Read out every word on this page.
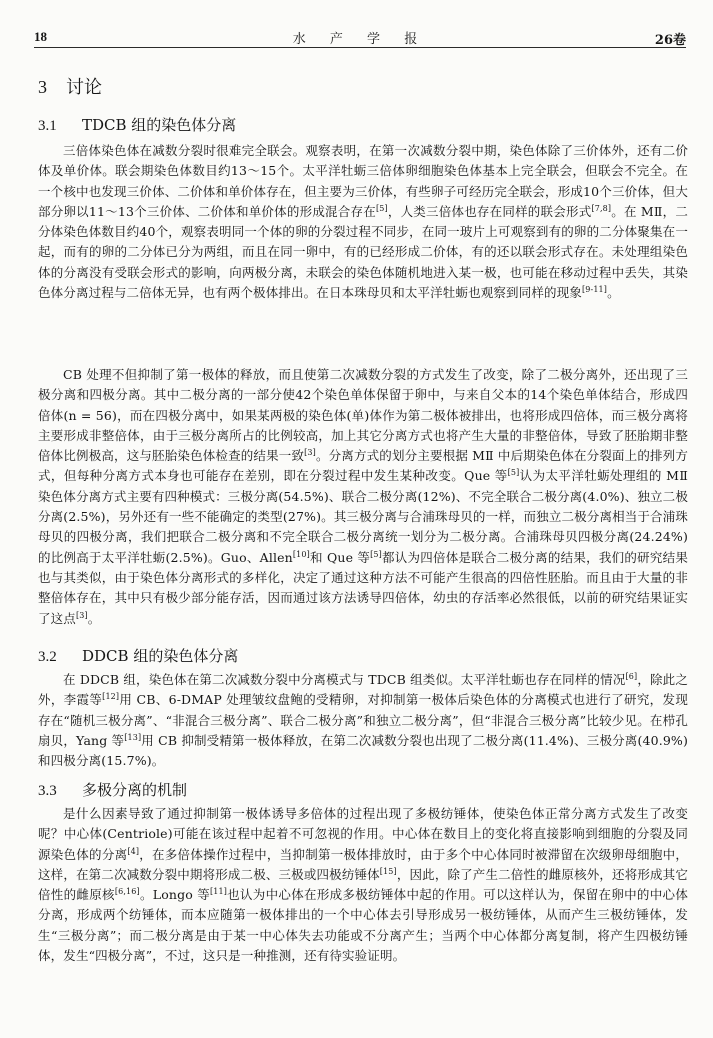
18	水 产 学 报	26卷
3 讨论
3.1 TDCB 组的染色体分离

三倍体染色体在减数分裂时很难完全联会。观察表明，在第一次减数分裂中期，染色体除了三价体外，还有二价体及单价体。联会期染色体数目约13～15个。太平洋牡蛎三倍体卵细胞染色体基本上完全联会，但联会不完全。在一个核中也发现三价体、二价体和单价体存在，但主要为三价体，有些卵子可经历完全联会，形成10个三价体，但大部分卵以11～13个三价体、二价体和单价体的形成混合存在[5]，人类三倍体也存在同样的联会形式[7,8]。在 MⅡ，二分体染色体数目约40个，观察表明同一个体的卵的分裂过程不同步，在同一玻片上可观察到有的卵的二分体聚集在一起，而有的卵的二分体已分为两组，而且在同一卵中，有的已经形成二价体，有的还以联会形式存在。未处理组染色体的分离没有受联会形式的影响，向两极分离，未联会的染色体随机地进入某一极，也可能在移动过程中丢失，其染色体分离过程与二倍体无异，也有两个极体排出。在日本珠母贝和太平洋牡蛎也观察到同样的现象[9-11]。

CB 处理不但抑制了第一极体的释放，而且使第二次减数分裂的方式发生了改变，除了二极分离外，还出现了三极分离和四极分离。其中二极分离的一部分使42个染色单体保留于卵中，与来自父本的14个染色单体结合，形成四倍体(n = 56)，而在四极分离中，如果某两极的染色体(单)体作为第二极体被排出，也将形成四倍体，而三极分离将主要形成非整倍体，由于三极分离所占的比例较高，加上其它分离方式也将产生大量的非整倍体，导致了胚胎期非整倍体比例极高，这与胚胎染色体检查的结果一致[3]。分离方式的划分主要根据 MⅡ 中后期染色体在分裂面上的排列方式，但每种分离方式本身也可能存在差别，即在分裂过程中发生某种改变。Que 等[5]认为太平洋牡蛎处理组的 MⅡ 染色体分离方式主要有四种模式：三极分离(54.5%)、联合二极分离(12%)、不完全联合二极分离(4.0%)、独立二极分离(2.5%)，另外还有一些不能确定的类型(27%)。其三极分离与合浦珠母贝的一样，而独立二极分离相当于合浦珠母贝的四极分离，我们把联合二极分离和不完全联合二极分离统一划分为二极分离。合浦珠母贝四极分离(24.24%)的比例高于太平洋牡蛎(2.5%)。Guo、Allen[10]和 Que 等[5]都认为四倍体是联合二极分离的结果，我们的研究结果也与其类似，由于染色体分离形式的多样化，决定了通过这种方法不可能产生很高的四倍性胚胎。而且由于大量的非整倍体存在，其中只有极少部分能存活，因而通过该方法诱导四倍体，幼虫的存活率必然很低，以前的研究结果证实了这点[3]。

3.2 DDCB 组的染色体分离

在 DDCB 组，染色体在第二次减数分裂中分离模式与 TDCB 组类似。太平洋牡蛎也存在同样的情况[6]，除此之外，李霞等[12]用 CB、6-DMAP 处理皱纹盘鲍的受精卵，对抑制第一极体后染色体的分离模式也进行了研究，发现存在“随机三极分离”、“非混合三极分离”、联合二极分离”和独立二极分离”，但“非混合三极分离”比较少见。在栉孔扇贝，Yang 等[13]用 CB 抑制受精第一极体释放，在第二次减数分裂也出现了二极分离(11.4%)、三极分离(40.9%)和四极分离(15.7%)。

3.3 多极分离的机制

是什么因素导致了通过抑制第一极体诱导多倍体的过程出现了多极纺锤体，使染色体正常分离方式发生了改变呢？中心体(Centriole)可能在该过程中起着不可忽视的作用。中心体在数目上的变化将直接影响到细胞的分裂及同源染色体的分离[4]，在多倍体操作过程中，当抑制第一极体排放时，由于多个中心体同时被滞留在次级卵母细胞中，这样，在第二次减数分裂中期将形成二极、三极或四极纺锤体[15]，因此，除了产生二倍性的雌原核外，还将形成其它倍性的雌原核[6,16]。Longo 等[11]也认为中心体在形成多极纺锤体中起的作用。可以这样认为，保留在卵中的中心体分离，形成两个纺锤体，而本应随第一极体排出的一个中心体去引导形成另一极纺锤体，从而产生三极纺锤体，发生“三极分离”；而二极分离是由于某一中心体失去功能或不分离产生；当两个中心体都分离复制，将产生四极纺锤体，发生“四极分离”，不过，这只是一种推测，还有待实验证明。
